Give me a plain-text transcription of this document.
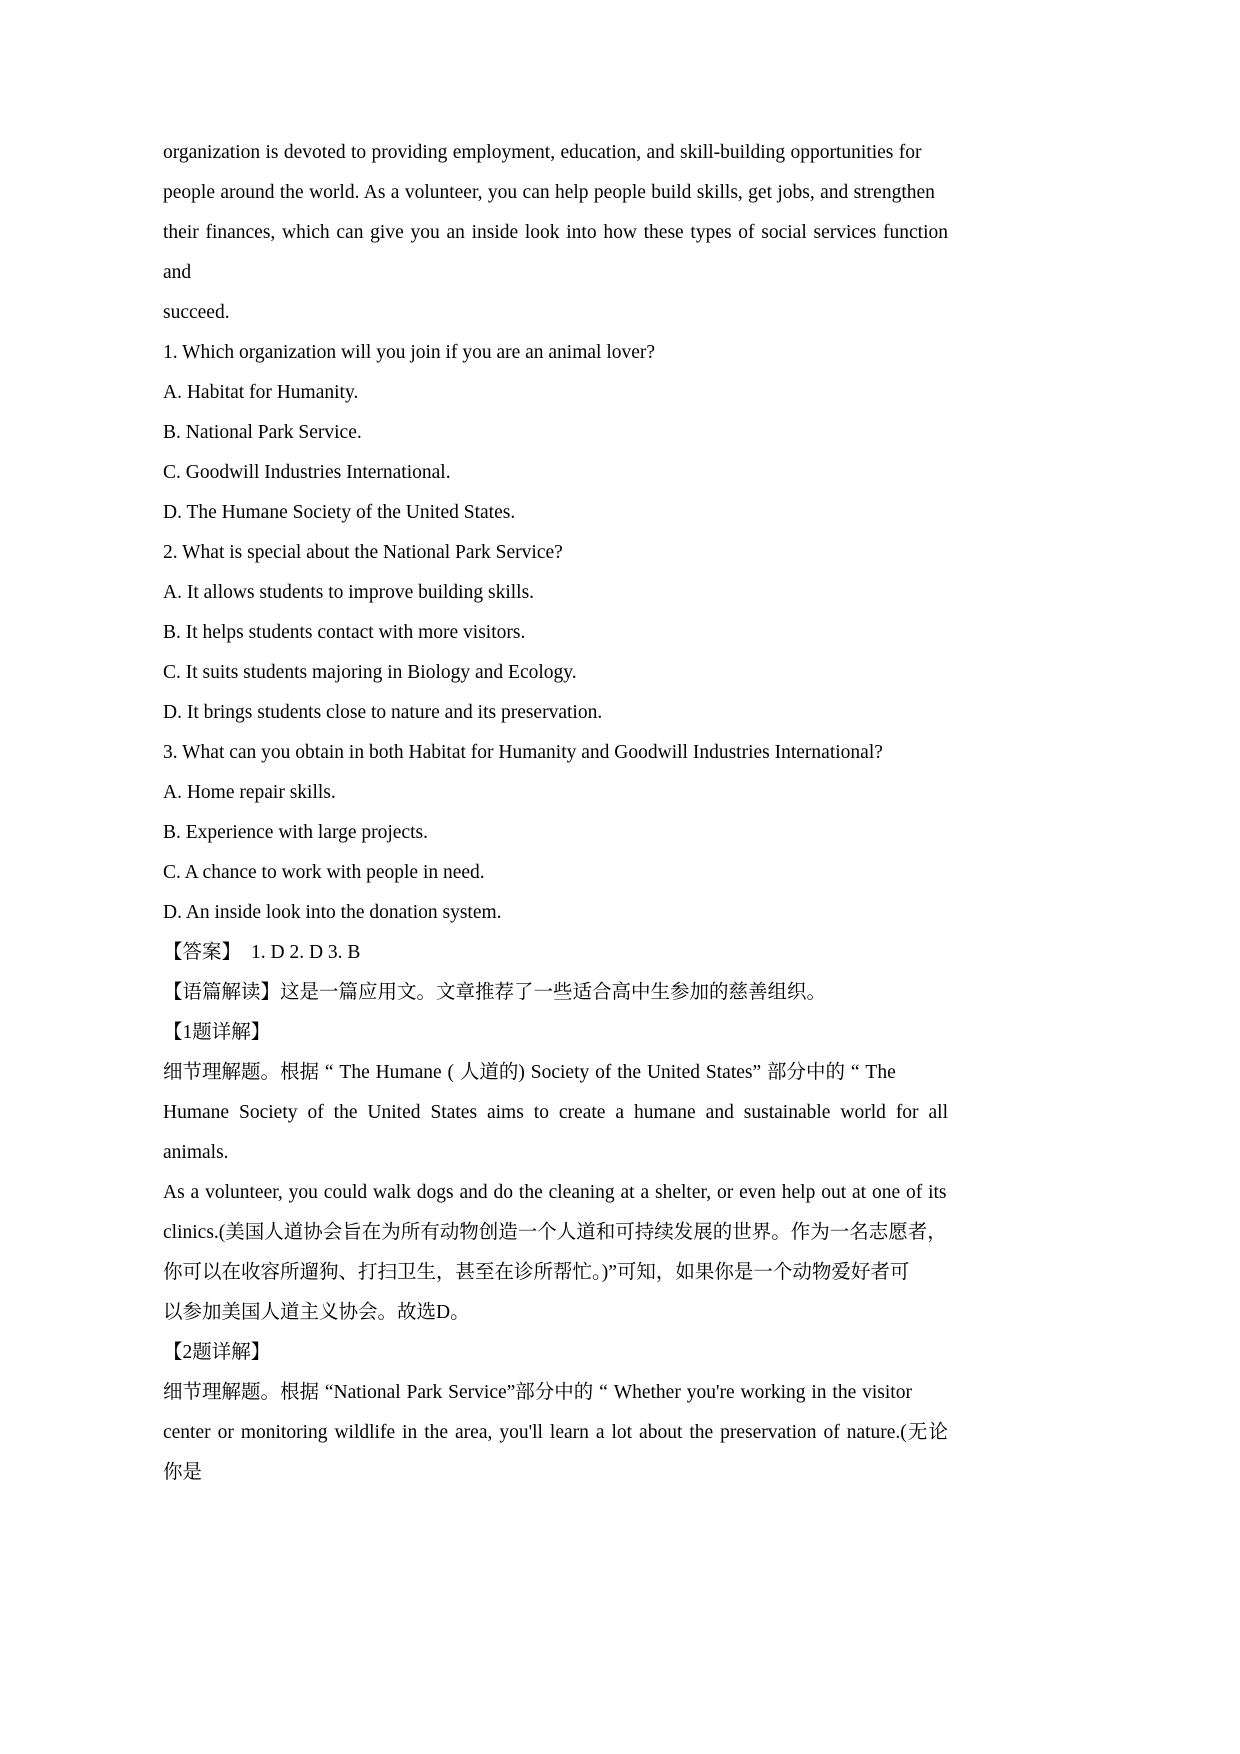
organization is devoted to providing employment, education, and skill-building opportunities for

people around the world. As a volunteer, you can help people build skills, get jobs, and strengthen

their finances, which can give you an inside look into how these types of social services function and

succeed.

1. Which organization will you join if you are an animal lover?

A. Habitat for Humanity.

B. National Park Service.

C. Goodwill Industries International.

D. The Humane Society of the United States.

2. What is special about the National Park Service?

A. It allows students to improve building skills.

B. It helps students contact with more visitors.

C. It suits students majoring in Biology and Ecology.

D. It brings students close to nature and its preservation.

3. What can you obtain in both Habitat for Humanity and Goodwill Industries International?

A. Home repair skills.

B. Experience with large projects.

C. A chance to work with people in need.

D. An inside look into the donation system.

【答案】 1. D 2. D 3. B

【语篇解读】这是一篇应用文。文章推荐了一些适合高中生参加的慈善组织。

【1题详解】

细节理解题。根据 “ The Humane ( 人道的) Society of the United States” 部分中的 “ The

Humane Society of the United States aims to create a humane and sustainable world for all animals.

As a volunteer, you could walk dogs and do the cleaning at a shelter, or even help out at one of its

clinics.(美国人道协会旨在为所有动物创造一个人道和可持续发展的世界。作为一名志愿者，

你可以在收容所遛狗、打扫卫生，甚至在诊所帮忙。)”可知，如果你是一个动物爱好者可

以参加美国人道主义协会。故选D。

【2题详解】

细节理解题。根据 “National Park Service”部分中的 “ Whether you're working in the visitor

center or monitoring wildlife in the area, you'll learn a lot about the preservation of nature.(无论你是
